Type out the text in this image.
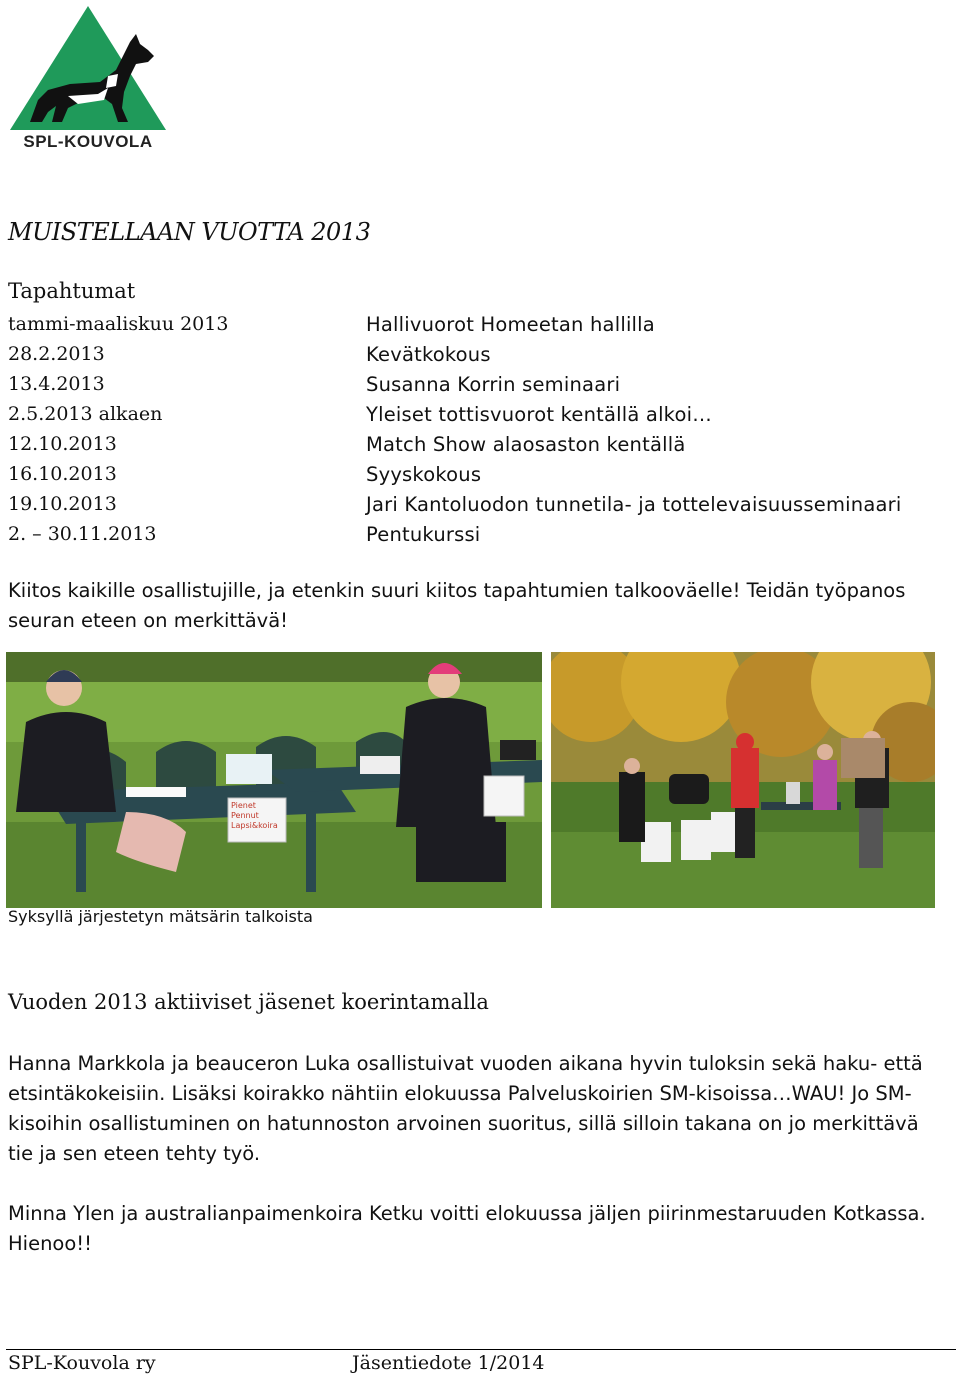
SPL-KOUVOLA
MUISTELLAAN VUOTTA 2013
Tapahtumat
tammi-maaliskuu 2013	Hallivuorot Homeetan hallilla
28.2.2013	Kevätkokous
13.4.2013	Susanna Korrin seminaari
2.5.2013 alkaen	Yleiset tottisvuorot kentällä alkoi…
12.10.2013	Match Show alaosaston kentällä
16.10.2013	Syyskokous
19.10.2013	Jari Kantoluodon tunnetila- ja tottelevaisuusseminaari
2. – 30.11.2013	Pentukurssi
Kiitos kaikille osallistujille, ja etenkin suuri kiitos tapahtumien talkooväelle! Teidän työpanos seuran eteen on merkittävä!
Pienet Pennut Lapsi&koira
Syksyllä järjestetyn mätsärin talkoista
Vuoden 2013 aktiiviset jäsenet koerintamalla
Hanna Markkola ja beauceron Luka osallistuivat vuoden aikana hyvin tuloksin sekä haku- että etsintäkokeisiin. Lisäksi koirakko nähtiin elokuussa Palveluskoirien SM-kisoissa…WAU! Jo SM-kisoihin osallistuminen on hatunnoston arvoinen suoritus, sillä silloin takana on jo merkittävä tie ja sen eteen tehty työ.
Minna Ylen ja australianpaimenkoira Ketku voitti elokuussa jäljen piirinmestaruuden Kotkassa. Hienoo!!
SPL-Kouvola ry	Jäsentiedote 1/2014
